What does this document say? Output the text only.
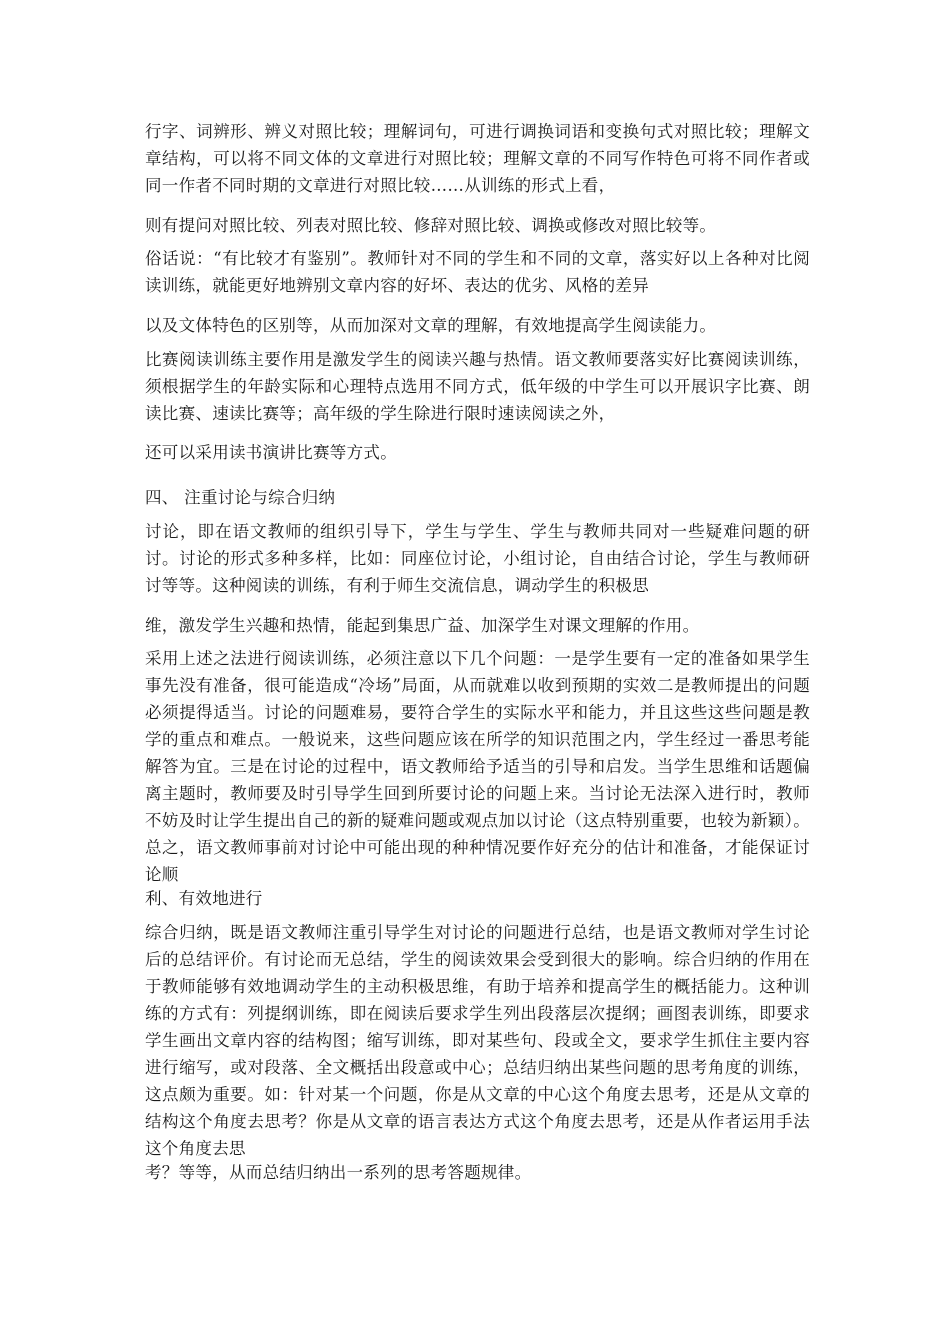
行字、词辨形、辨义对照比较；理解词句，可进行调换词语和变换句式对照比较；理解文章结构，可以将不同文体的文章进行对照比较；理解文章的不同写作特色可将不同作者或同一作者不同时期的文章进行对照比较……从训练的形式上看，

则有提问对照比较、列表对照比较、修辞对照比较、调换或修改对照比较等。

俗话说：“有比较才有鉴别”。教师针对不同的学生和不同的文章，落实好以上各种对比阅读训练，就能更好地辨别文章内容的好坏、表达的优劣、风格的差异

以及文体特色的区别等，从而加深对文章的理解，有效地提高学生阅读能力。

比赛阅读训练主要作用是激发学生的阅读兴趣与热情。语文教师要落实好比赛阅读训练，须根据学生的年龄实际和心理特点选用不同方式，低年级的中学生可以开展识字比赛、朗读比赛、速读比赛等；高年级的学生除进行限时速读阅读之外，

还可以采用读书演讲比赛等方式。

四、 注重讨论与综合归纳

讨论，即在语文教师的组织引导下，学生与学生、学生与教师共同对一些疑难问题的研讨。讨论的形式多种多样，比如：同座位讨论，小组讨论，自由结合讨论，学生与教师研讨等等。这种阅读的训练，有利于师生交流信息，调动学生的积极思

维，激发学生兴趣和热情，能起到集思广益、加深学生对课文理解的作用。

采用上述之法进行阅读训练，必须注意以下几个问题：一是学生要有一定的准备如果学生事先没有准备，很可能造成“冷场”局面，从而就难以收到预期的实效二是教师提出的问题必须提得适当。讨论的问题难易，要符合学生的实际水平和能力，并且这些这些问题是教学的重点和难点。一般说来，这些问题应该在所学的知识范围之内，学生经过一番思考能解答为宜。三是在讨论的过程中，语文教师给予适当的引导和启发。当学生思维和话题偏离主题时，教师要及时引导学生回到所要讨论的问题上来。当讨论无法深入进行时，教师不妨及时让学生提出自己的新的疑难问题或观点加以讨论（这点特别重要，也较为新颖）。总之，语文教师事前对讨论中可能出现的种种情况要作好充分的估计和准备，才能保证讨论顺

利、有效地进行

综合归纳，既是语文教师注重引导学生对讨论的问题进行总结，也是语文教师对学生讨论后的总结评价。有讨论而无总结，学生的阅读效果会受到很大的影响。综合归纳的作用在于教师能够有效地调动学生的主动积极思维，有助于培养和提高学生的概括能力。这种训练的方式有：列提纲训练，即在阅读后要求学生列出段落层次提纲；画图表训练，即要求学生画出文章内容的结构图；缩写训练，即对某些句、段或全文，要求学生抓住主要内容进行缩写，或对段落、全文概括出段意或中心；总结归纳出某些问题的思考角度的训练，这点颇为重要。如：针对某一个问题，你是从文章的中心这个角度去思考，还是从文章的结构这个角度去思考？你是从文章的语言表达方式这个角度去思考，还是从作者运用手法这个角度去思

考？等等，从而总结归纳出一系列的思考答题规律。
